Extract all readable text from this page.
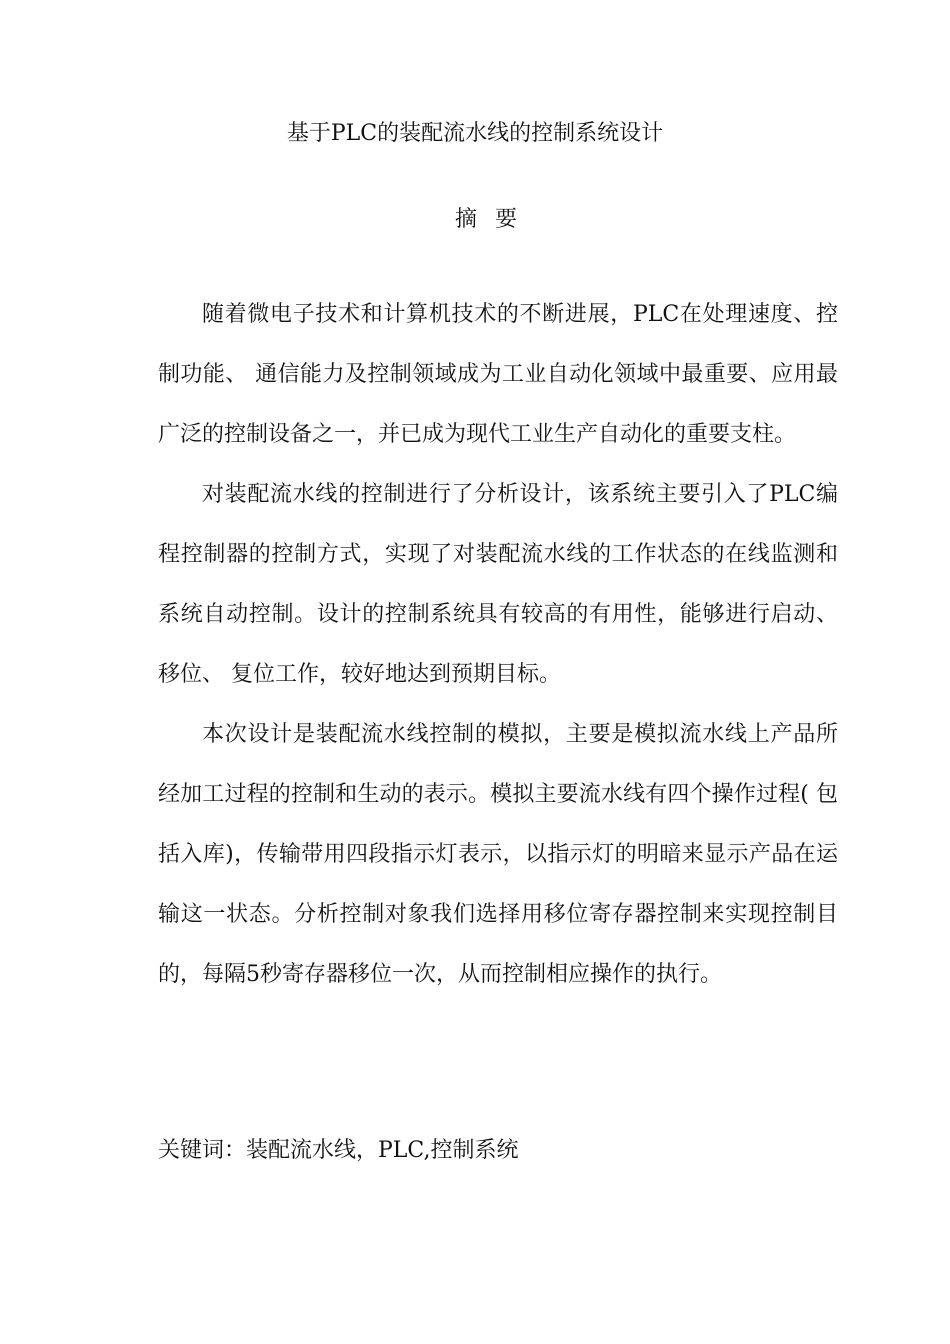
基于PLC的装配流水线的控制系统设计
摘要

随着微电子技术和计算机技术的不断进展，PLC在处理速度、控制功能、 通信能力及控制领域成为工业自动化领域中最重要、应用最广泛的控制设备之一，并已成为现代工业生产自动化的重要支柱。

对装配流水线的控制进行了分析设计，该系统主要引入了PLC编程控制器的控制方式，实现了对装配流水线的工作状态的在线监测和系统自动控制。设计的控制系统具有较高的有用性，能够进行启动、 移位、 复位工作，较好地达到预期目标。

本次设计是装配流水线控制的模拟，主要是模拟流水线上产品所经加工过程的控制和生动的表示。模拟主要流水线有四个操作过程( 包括入库)，传输带用四段指示灯表示，以指示灯的明暗来显示产品在运输这一状态。分析控制对象我们选择用移位寄存器控制来实现控制目的，每隔5秒寄存器移位一次，从而控制相应操作的执行。

关键词：装配流水线，PLC,控制系统
